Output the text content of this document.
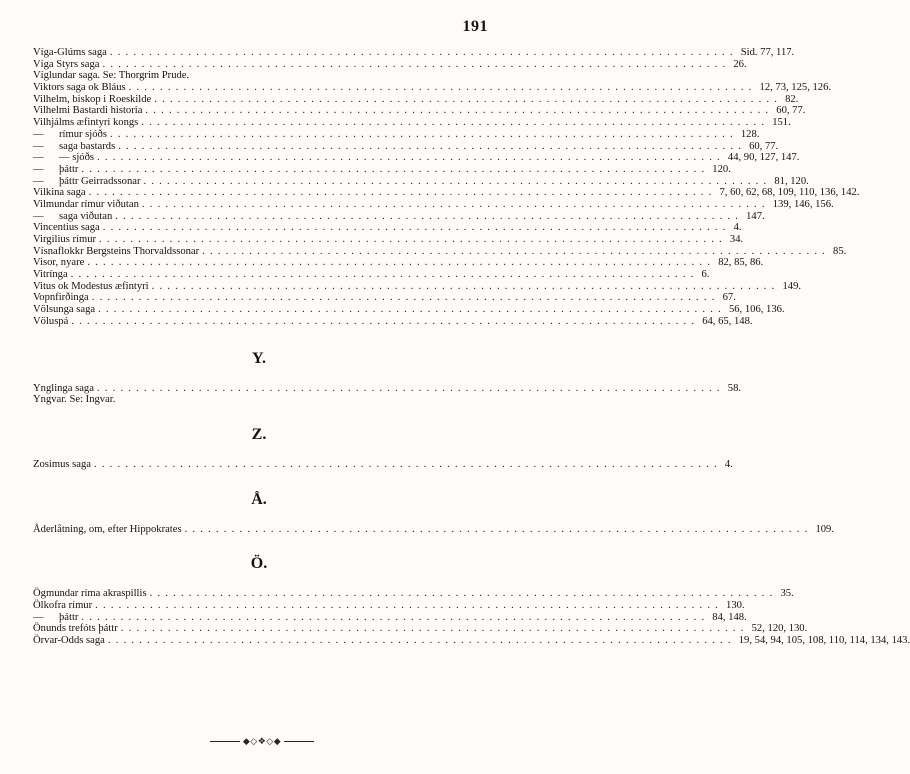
191
Víga-Glúms saga ................................................................................ Sid. 77, 117.
Víga Styrs saga ................................................................................ 26.
Víglundar saga. Se: Thorgrim Prude.
Viktors saga ok Bláus ................................................................................ 12, 73, 125, 126.
Vilhelm, biskop i Roeskilde ................................................................................ 82.
Vilhelmi Bastardi historia ................................................................................ 60, 77.
Vilhjálms æfintyri kongs ................................................................................ 151.
—	rímur sjóðs ................................................................................ 128.
—	saga bastards ................................................................................ 60, 77.
—	— sjóðs ................................................................................ 44, 90, 127, 147.
—	þáttr ................................................................................ 120.
—	þáttr Geirradssonar ................................................................................ 81, 120.
Vilkina saga ................................................................................ 7, 60, 62, 68, 109, 110, 136, 142.
Vilmundar rímur viðutan ................................................................................ 139, 146, 156.
—	saga viðutan ................................................................................ 147.
Vincentius saga ................................................................................ 4.
Virgilius rímur ................................................................................ 34.
Vísnaflokkr Bergsteins Thorvaldssonar ................................................................................ 85.
Visor, nyare ................................................................................ 82, 85, 86.
Vitrínga ................................................................................ 6.
Vitus ok Modestus æfintyri ................................................................................ 149.
Vopnfirðinga ................................................................................ 67.
Völsunga saga ................................................................................ 56, 106, 136.
Völuspá ................................................................................ 64, 65, 148.
Y.
Ynglinga saga ................................................................................ 58.
Yngvar. Se: Ingvar.
Z.
Zosimus saga ................................................................................ 4.
Å.
Åderlåtning, om, efter Hippokrates ................................................................................ 109.
Ö.
Ögmundar ríma akraspillis ................................................................................ 35.
Ölkofra rímur ................................................................................ 130.
—	þáttr ................................................................................ 84, 148.
Önunds trefóts þáttr ................................................................................ 52, 120, 130.
Örvar-Odds saga ................................................................................ 19, 54, 94, 105, 108, 110, 114, 134, 143.
◆◇❖◇◆
